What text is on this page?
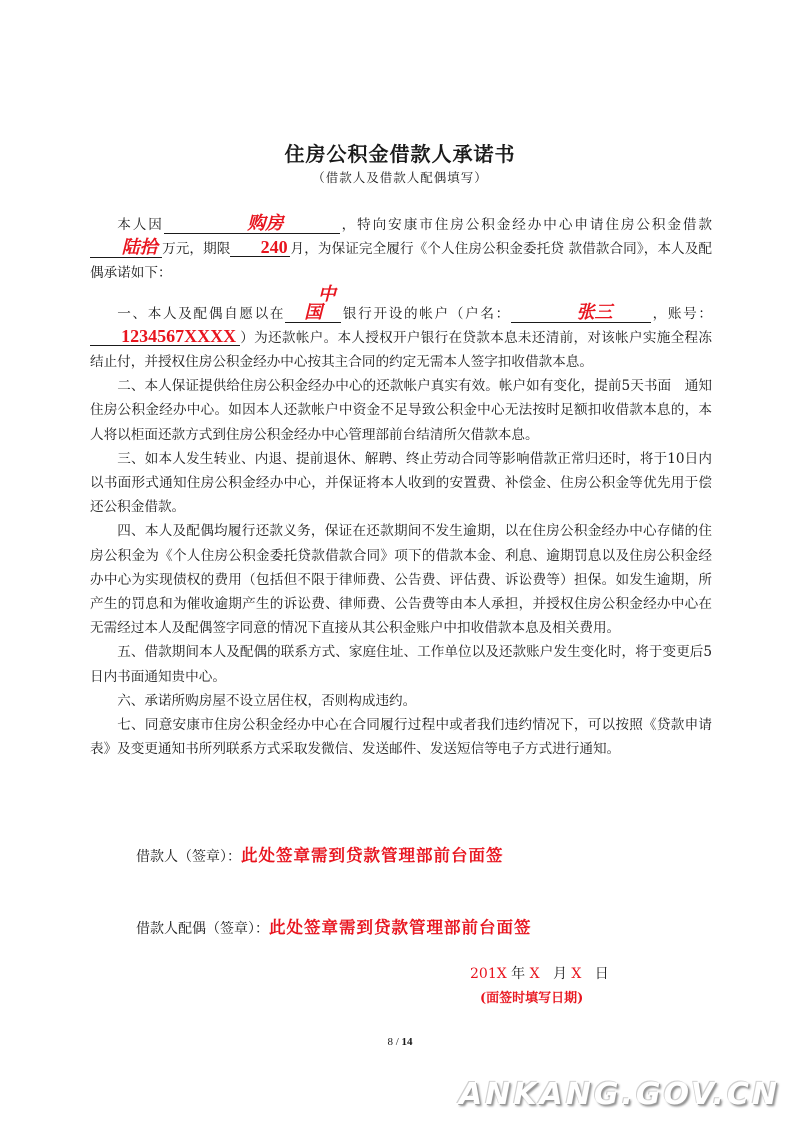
住房公积金借款人承诺书
（借款人及借款人配偶填写）

本人因	购房	，特向安康市住房公积金经办中心申请住房公积金借款陆拾 万元，期限 240 月，为保证完全履行《个人住房公积金委托贷 款借款合同》，本人及配偶承诺如下：

一、本人及配偶自愿以在中国 银行开设的帐户（户名：	张三	，账号：1234567XXXX ）为还款帐户。本人授权开户银行在贷款本息未还清前，对该帐户实施全程冻结止付，并授权住房公积金经办中心按其主合同的约定无需本人签字扣收借款本息。

二、本人保证提供给住房公积金经办中心的还款帐户真实有效。帐户如有变化，提前5天书面　通知住房公积金经办中心。如因本人还款帐户中资金不足导致公积金中心无法按时足额扣收借款本息的，本人将以柜面还款方式到住房公积金经办中心管理部前台结清所欠借款本息。

三、如本人发生转业、内退、提前退休、解聘、终止劳动合同等影响借款正常归还时，将于10日内以书面形式通知住房公积金经办中心，并保证将本人收到的安置费、补偿金、住房公积金等优先用于偿还公积金借款。

四、本人及配偶均履行还款义务，保证在还款期间不发生逾期，以在住房公积金经办中心存储的住房公积金为《个人住房公积金委托贷款借款合同》项下的借款本金、利息、逾期罚息以及住房公积金经办中心为实现债权的费用（包括但不限于律师费、公告费、评估费、诉讼费等）担保。如发生逾期，所产生的罚息和为催收逾期产生的诉讼费、律师费、公告费等由本人承担，并授权住房公积金经办中心在无需经过本人及配偶签字同意的情况下直接从其公积金账户中扣收借款本息及相关费用。

五、借款期间本人及配偶的联系方式、家庭住址、工作单位以及还款账户发生变化时，将于变更后5日内书面通知贵中心。

六、承诺所购房屋不设立居住权，否则构成违约。

七、同意安康市住房公积金经办中心在合同履行过程中或者我们违约情况下，可以按照《贷款申请表》及变更通知书所列联系方式采取发微信、发送邮件、发送短信等电子方式进行通知。

借款人（签章）：此处签章需到贷款管理部前台面签
借款人配偶（签章）：此处签章需到贷款管理部前台面签
201X 年 X 月 X 日
(面签时填写日期)
8 / 14
ANKANG.GOV.CN
